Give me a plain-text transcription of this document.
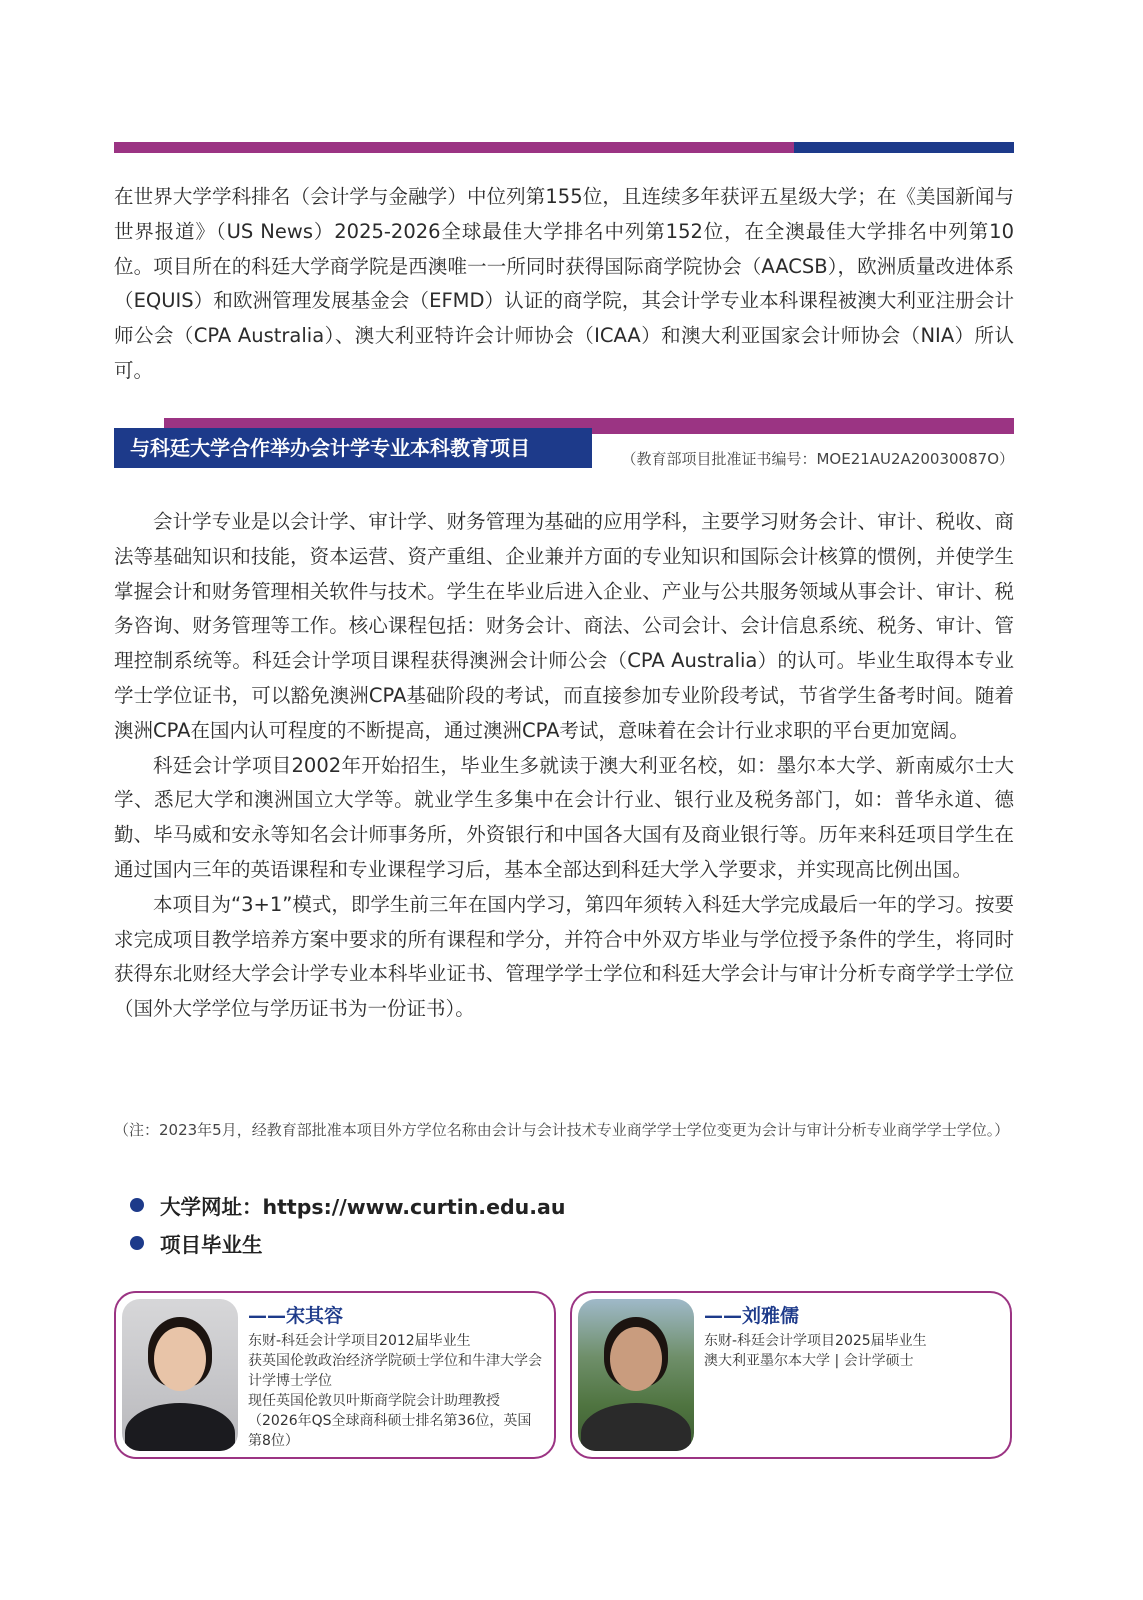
在世界大学学科排名（会计学与金融学）中位列第155位，且连续多年获评五星级大学；在《美国新闻与世界报道》（US News）2025-2026全球最佳大学排名中列第152位，在全澳最佳大学排名中列第10位。项目所在的科廷大学商学院是西澳唯一一所同时获得国际商学院协会（AACSB），欧洲质量改进体系（EQUIS）和欧洲管理发展基金会（EFMD）认证的商学院，其会计学专业本科课程被澳大利亚注册会计师公会（CPA Australia）、澳大利亚特许会计师协会（ICAA）和澳大利亚国家会计师协会（NIA）所认可。

与科廷大学合作举办会计学专业本科教育项目	（教育部项目批准证书编号：MOE21AU2A20030087O）

会计学专业是以会计学、审计学、财务管理为基础的应用学科，主要学习财务会计、审计、税收、商法等基础知识和技能，资本运营、资产重组、企业兼并方面的专业知识和国际会计核算的惯例，并使学生掌握会计和财务管理相关软件与技术。学生在毕业后进入企业、产业与公共服务领域从事会计、审计、税务咨询、财务管理等工作。核心课程包括：财务会计、商法、公司会计、会计信息系统、税务、审计、管理控制系统等。科廷会计学项目课程获得澳洲会计师公会（CPA Australia）的认可。毕业生取得本专业学士学位证书，可以豁免澳洲CPA基础阶段的考试，而直接参加专业阶段考试，节省学生备考时间。随着澳洲CPA在国内认可程度的不断提高，通过澳洲CPA考试，意味着在会计行业求职的平台更加宽阔。

科廷会计学项目2002年开始招生，毕业生多就读于澳大利亚名校，如：墨尔本大学、新南威尔士大学、悉尼大学和澳洲国立大学等。就业学生多集中在会计行业、银行业及税务部门，如：普华永道、德勤、毕马威和安永等知名会计师事务所，外资银行和中国各大国有及商业银行等。历年来科廷项目学生在通过国内三年的英语课程和专业课程学习后，基本全部达到科廷大学入学要求，并实现高比例出国。

本项目为“3+1”模式，即学生前三年在国内学习，第四年须转入科廷大学完成最后一年的学习。按要求完成项目教学培养方案中要求的所有课程和学分，并符合中外双方毕业与学位授予条件的学生，将同时获得东北财经大学会计学专业本科毕业证书、管理学学士学位和科廷大学会计与审计分析专商学学士学位（国外大学学位与学历证书为一份证书）。

（注：2023年5月，经教育部批准本项目外方学位名称由会计与会计技术专业商学学士学位变更为会计与审计分析专业商学学士学位。）

大学网址：https://www.curtin.edu.au
项目毕业生
——宋其容
东财-科廷会计学项目2012届毕业生
获英国伦敦政治经济学院硕士学位和牛津大学会计学博士学位
现任英国伦敦贝叶斯商学院会计助理教授（2026年QS全球商科硕士排名第36位，英国第8位）
——刘雅儒
东财-科廷会计学项目2025届毕业生
澳大利亚墨尔本大学 | 会计学硕士
